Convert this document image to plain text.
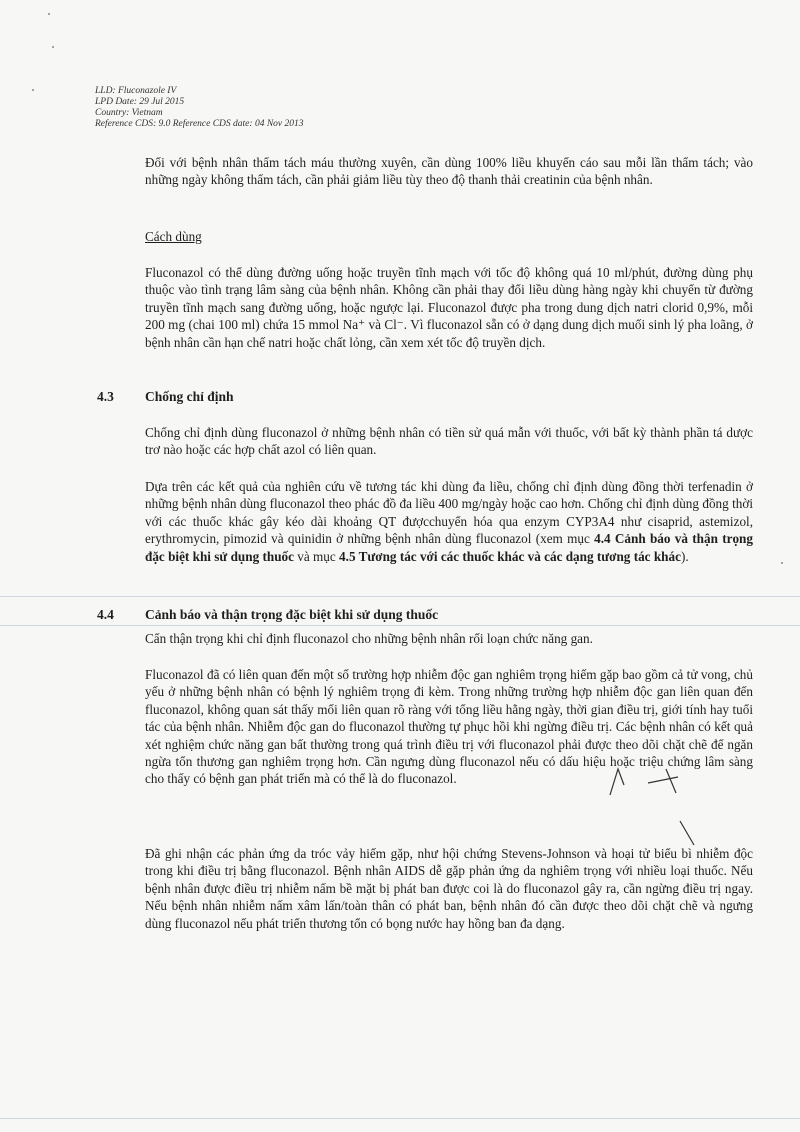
LLD: Fluconazole IV
LPD Date: 29 Jul 2015
Country: Vietnam
Reference CDS: 9.0 Reference CDS date: 04 Nov 2013
Đối với bệnh nhân thẩm tách máu thường xuyên, cần dùng 100% liều khuyến cáo sau mỗi lần thẩm tách; vào những ngày không thẩm tách, cần phải giảm liều tùy theo độ thanh thải creatinin của bệnh nhân.
Cách dùng
Fluconazol có thể dùng đường uống hoặc truyền tĩnh mạch với tốc độ không quá 10 ml/phút, đường dùng phụ thuộc vào tình trạng lâm sàng của bệnh nhân. Không cần phải thay đổi liều dùng hàng ngày khi chuyển từ đường truyền tĩnh mạch sang đường uống, hoặc ngược lại. Fluconazol được pha trong dung dịch natri clorid 0,9%, mỗi 200 mg (chai 100 ml) chứa 15 mmol Na⁺ và Cl⁻. Vì fluconazol sẵn có ở dạng dung dịch muối sinh lý pha loãng, ở bệnh nhân cần hạn chế natri hoặc chất lỏng, cần xem xét tốc độ truyền dịch.
4.3 Chống chỉ định
Chống chỉ định dùng fluconazol ở những bệnh nhân có tiền sử quá mẫn với thuốc, với bất kỳ thành phần tá dược trơ nào hoặc các hợp chất azol có liên quan.
Dựa trên các kết quả của nghiên cứu về tương tác khi dùng đa liều, chống chỉ định dùng đồng thời terfenadin ở những bệnh nhân dùng fluconazol theo phác đồ đa liều 400 mg/ngày hoặc cao hơn. Chống chỉ định dùng đồng thời với các thuốc khác gây kéo dài khoảng QT đượcchuyển hóa qua enzym CYP3A4 như cisaprid, astemizol, erythromycin, pimozid và quinidin ở những bệnh nhân dùng fluconazol (xem mục 4.4 Cảnh báo và thận trọng đặc biệt khi sử dụng thuốc và mục 4.5 Tương tác với các thuốc khác và các dạng tương tác khác).
4.4 Cảnh báo và thận trọng đặc biệt khi sử dụng thuốc
Cẩn thận trọng khi chỉ định fluconazol cho những bệnh nhân rối loạn chức năng gan.
Fluconazol đã có liên quan đến một số trường hợp nhiễm độc gan nghiêm trọng hiếm gặp bao gồm cả tử vong, chủ yếu ở những bệnh nhân có bệnh lý nghiêm trọng đi kèm. Trong những trường hợp nhiễm độc gan liên quan đến fluconazol, không quan sát thấy mối liên quan rõ ràng với tổng liều hằng ngày, thời gian điều trị, giới tính hay tuổi tác của bệnh nhân. Nhiễm độc gan do fluconazol thường tự phục hồi khi ngừng điều trị. Các bệnh nhân có kết quả xét nghiệm chức năng gan bất thường trong quá trình điều trị với fluconazol phải được theo dõi chặt chẽ để ngăn ngừa tổn thương gan nghiêm trọng hơn. Cần ngưng dùng fluconazol nếu có dấu hiệu hoặc triệu chứng lâm sàng cho thấy có bệnh gan phát triển mà có thể là do fluconazol.
Đã ghi nhận các phản ứng da tróc vảy hiếm gặp, như hội chứng Stevens-Johnson và hoại tử biểu bì nhiễm độc trong khi điều trị bằng fluconazol. Bệnh nhân AIDS dễ gặp phản ứng da nghiêm trọng với nhiều loại thuốc. Nếu bệnh nhân được điều trị nhiễm nấm bề mặt bị phát ban được coi là do fluconazol gây ra, cần ngừng điều trị ngay. Nếu bệnh nhân nhiễm nấm xâm lấn/toàn thân có phát ban, bệnh nhân đó cần được theo dõi chặt chẽ và ngưng dùng fluconazol nếu phát triển thương tổn có bọng nước hay hồng ban đa dạng.
